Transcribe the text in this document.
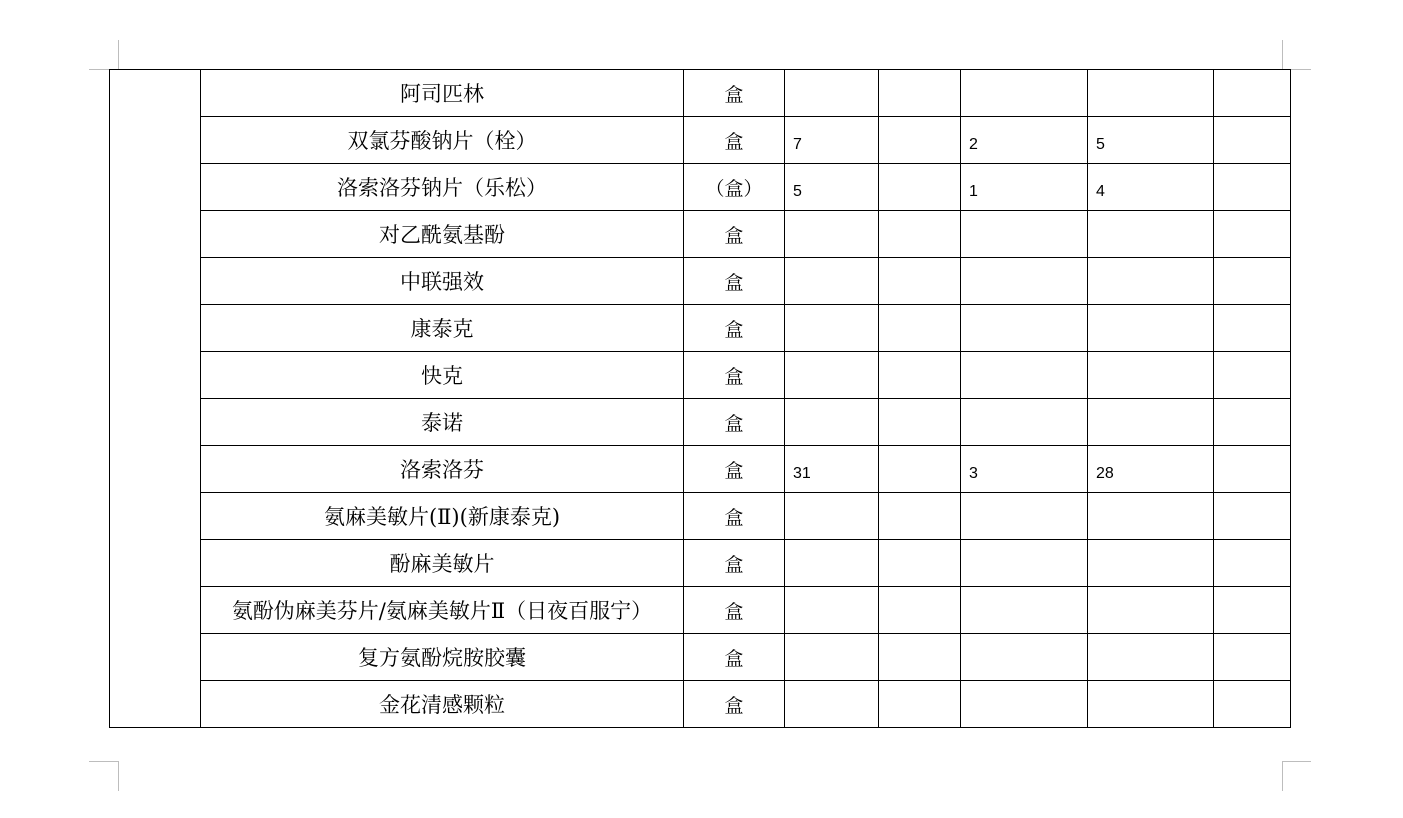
	阿司匹林	盒	

	双氯芬酸钠片（栓）	盒	7		2	5	

	洛索洛芬钠片（乐松）	（盒）	5		1	4	

	对乙酰氨基酚	盒	

	中联强效	盒	

	康泰克	盒	

	快克	盒	

	泰诺	盒	

	洛索洛芬	盒	31		3	28	

	氨麻美敏片(Ⅱ)(新康泰克)	盒	

	酚麻美敏片	盒	

	氨酚伪麻美芬片/氨麻美敏片Ⅱ（日夜百服宁）	盒	

	复方氨酚烷胺胶囊	盒	

	金花清感颗粒	盒	
